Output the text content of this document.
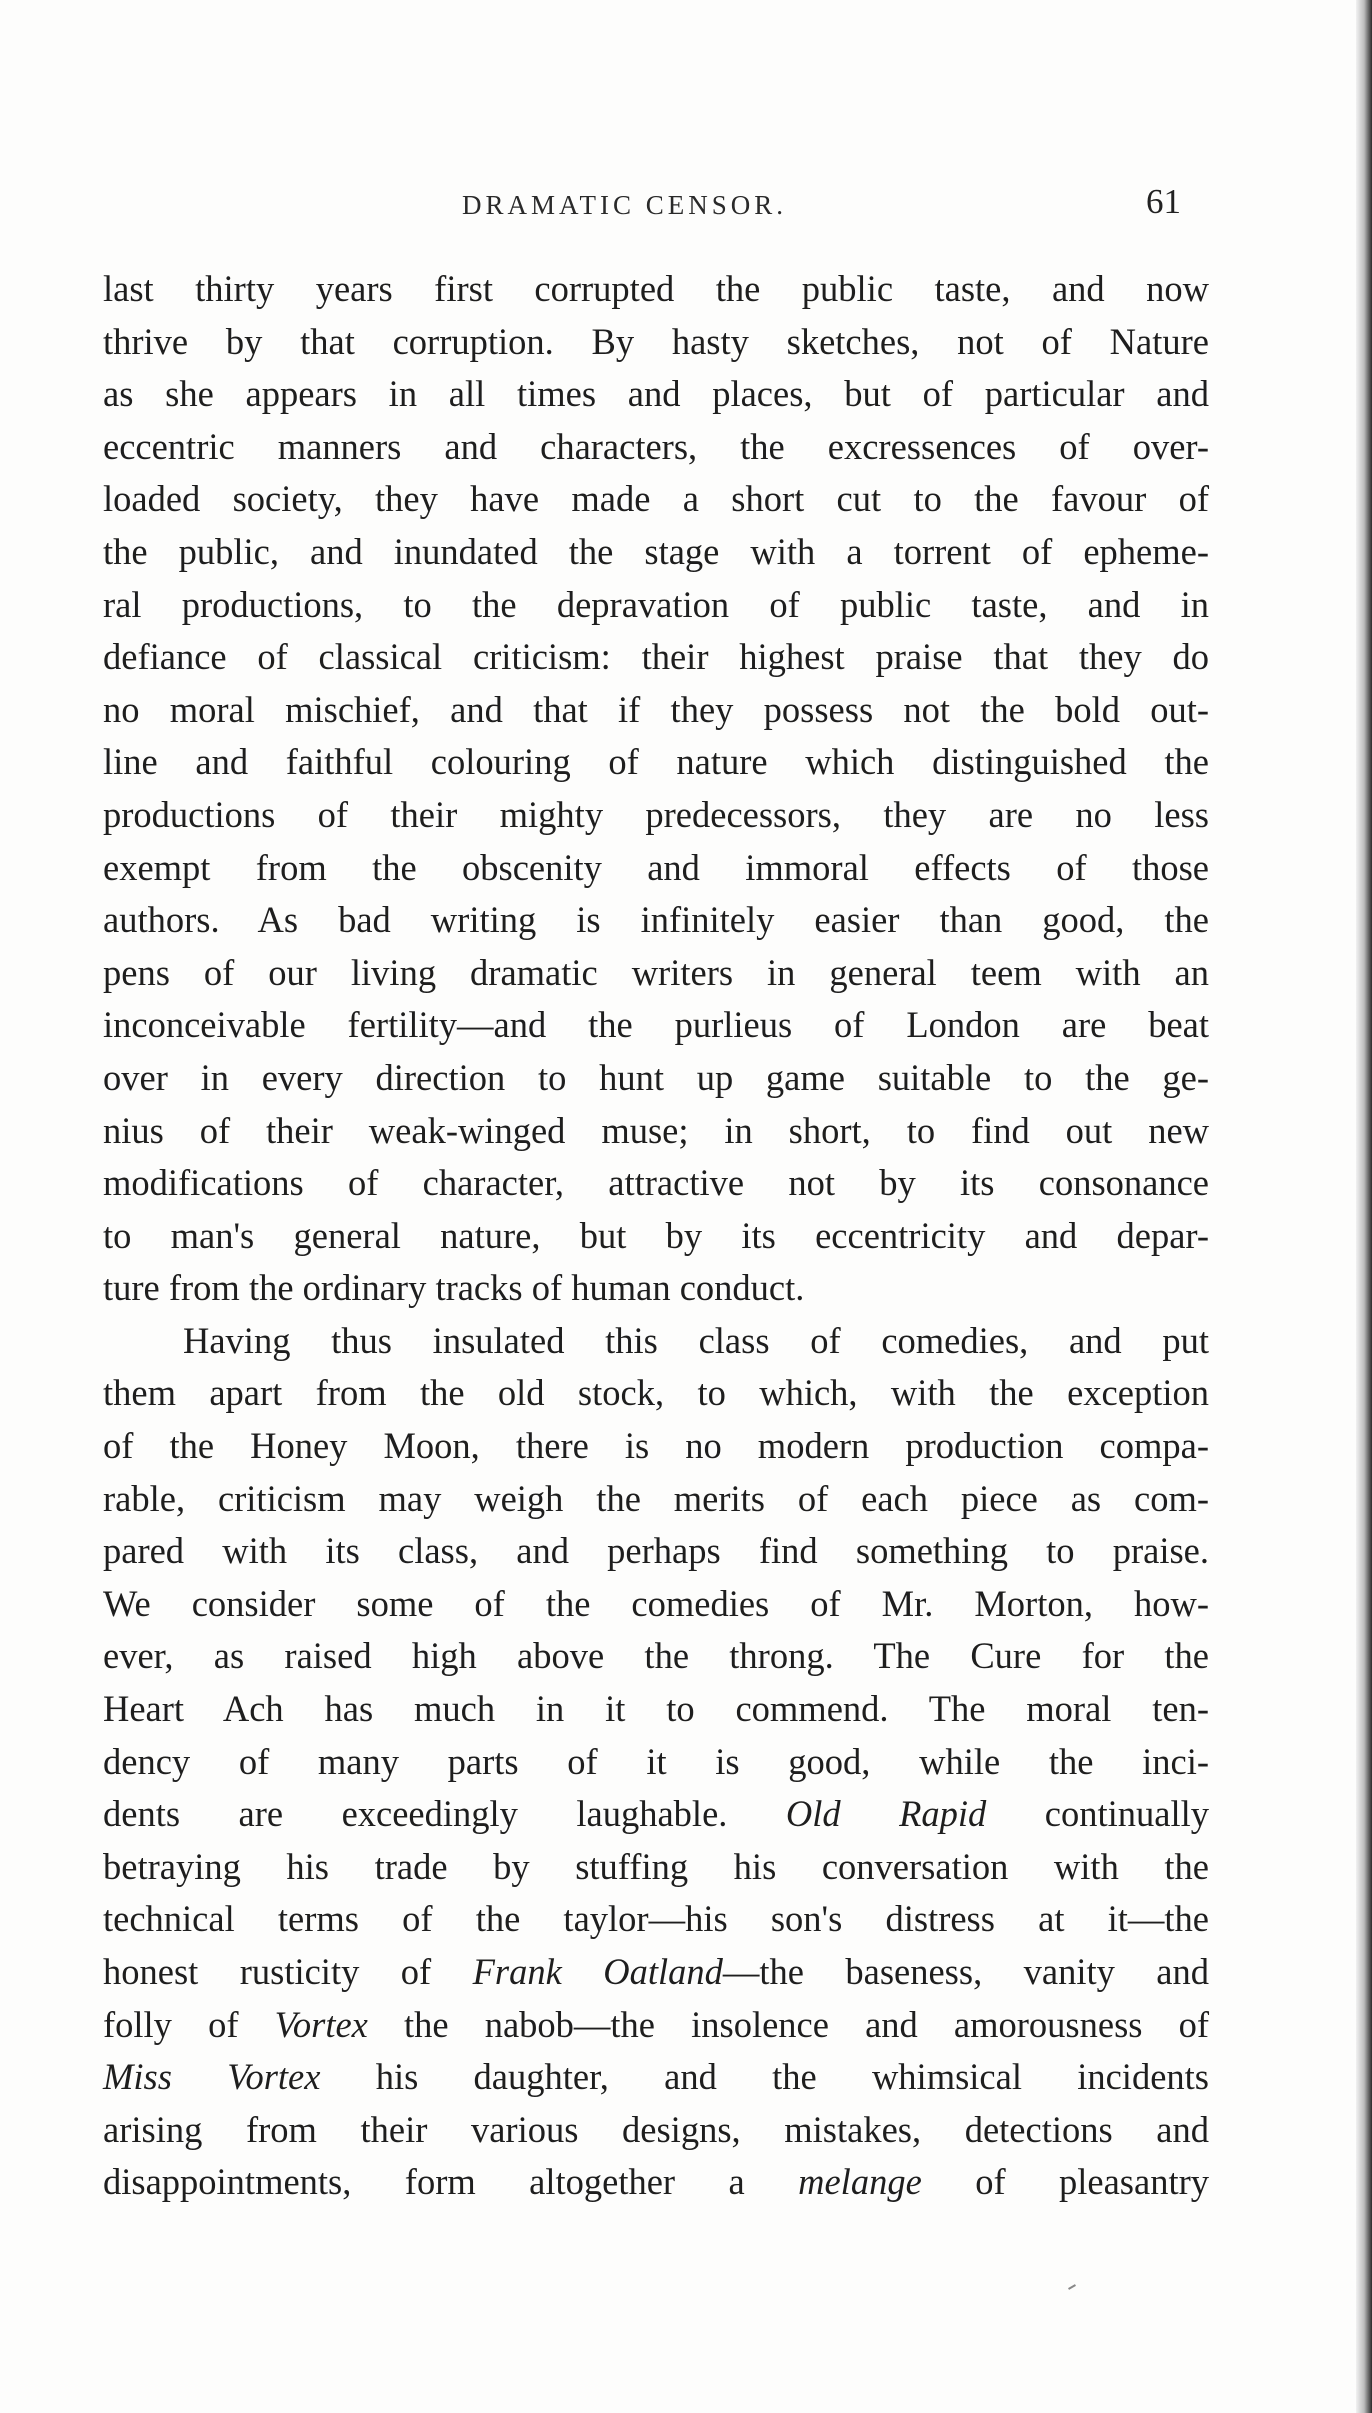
DRAMATIC CENSOR.	61
last thirty years first corrupted the public taste, and now
thrive by that corruption. By hasty sketches, not of Nature
as she appears in all times and places, but of particular and
eccentric manners and characters, the excressences of over-
loaded society, they have made a short cut to the favour of
the public, and inundated the stage with a torrent of epheme-
ral productions, to the depravation of public taste, and in
defiance of classical criticism: their highest praise that they do
no moral mischief, and that if they possess not the bold out-
line and faithful colouring of nature which distinguished the
productions of their mighty predecessors, they are no less
exempt from the obscenity and immoral effects of those
authors. As bad writing is infinitely easier than good, the
pens of our living dramatic writers in general teem with an
inconceivable fertility—and the purlieus of London are beat
over in every direction to hunt up game suitable to the ge-
nius of their weak-winged muse; in short, to find out new
modifications of character, attractive not by its consonance
to man's general nature, but by its eccentricity and depar-
ture from the ordinary tracks of human conduct.
Having thus insulated this class of comedies, and put
them apart from the old stock, to which, with the exception
of the Honey Moon, there is no modern production compa-
rable, criticism may weigh the merits of each piece as com-
pared with its class, and perhaps find something to praise.
We consider some of the comedies of Mr. Morton, how-
ever, as raised high above the throng. The Cure for the
Heart Ach has much in it to commend. The moral ten-
dency of many parts of it is good, while the inci-
dents are exceedingly laughable. Old Rapid continually
betraying his trade by stuffing his conversation with the
technical terms of the taylor—his son's distress at it—the
honest rusticity of Frank Oatland—the baseness, vanity and
folly of Vortex the nabob—the insolence and amorousness of
Miss Vortex his daughter, and the whimsical incidents
arising from their various designs, mistakes, detections and
disappointments, form altogether a melange of pleasantry
